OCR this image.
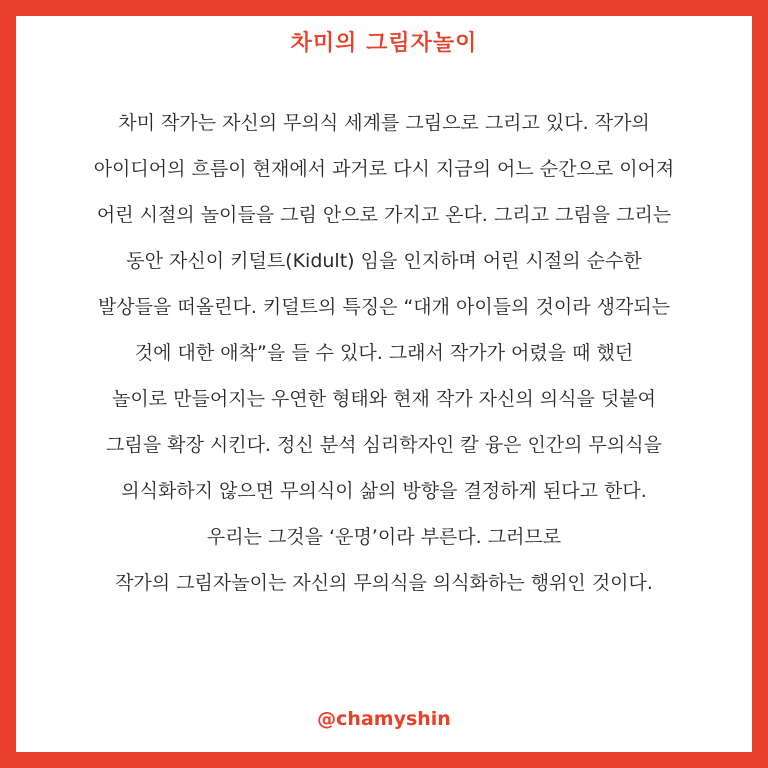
차미의 그림자놀이
차미 작가는 자신의 무의식 세계를 그림으로 그리고 있다. 작가의
아이디어의 흐름이 현재에서 과거로 다시 지금의 어느 순간으로 이어져
어린 시절의 놀이들을 그림 안으로 가지고 온다. 그리고 그림을 그리는
동안 자신이 키덜트(Kidult) 임을 인지하며 어린 시절의 순수한
발상들을 떠올린다. 키덜트의 특징은 “대개 아이들의 것이라 생각되는
것에 대한 애착”을 들 수 있다. 그래서 작가가 어렸을 때 했던
놀이로 만들어지는 우연한 형태와 현재 작가 자신의 의식을 덧붙여
그림을 확장 시킨다. 정신 분석 심리학자인 칼 융은 인간의 무의식을
의식화하지 않으면 무의식이 삶의 방향을 결정하게 된다고 한다.
우리는 그것을 ‘운명’이라 부른다. 그러므로
작가의 그림자놀이는 자신의 무의식을 의식화하는 행위인 것이다.
@chamyshin
